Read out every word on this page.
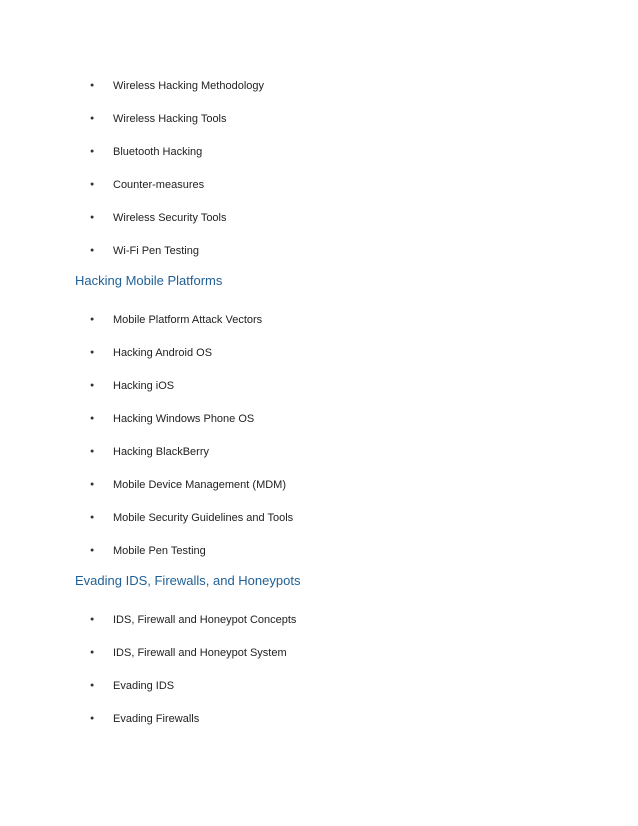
● Wireless Hacking Methodology
● Wireless Hacking Tools
● Bluetooth Hacking
● Counter-measures
● Wireless Security Tools
● Wi-Fi Pen Testing
Hacking Mobile Platforms
● Mobile Platform Attack Vectors
● Hacking Android OS
● Hacking iOS
● Hacking Windows Phone OS
● Hacking BlackBerry
● Mobile Device Management (MDM)
● Mobile Security Guidelines and Tools
● Mobile Pen Testing
Evading IDS, Firewalls, and Honeypots
● IDS, Firewall and Honeypot Concepts
● IDS, Firewall and Honeypot System
● Evading IDS
● Evading Firewalls
